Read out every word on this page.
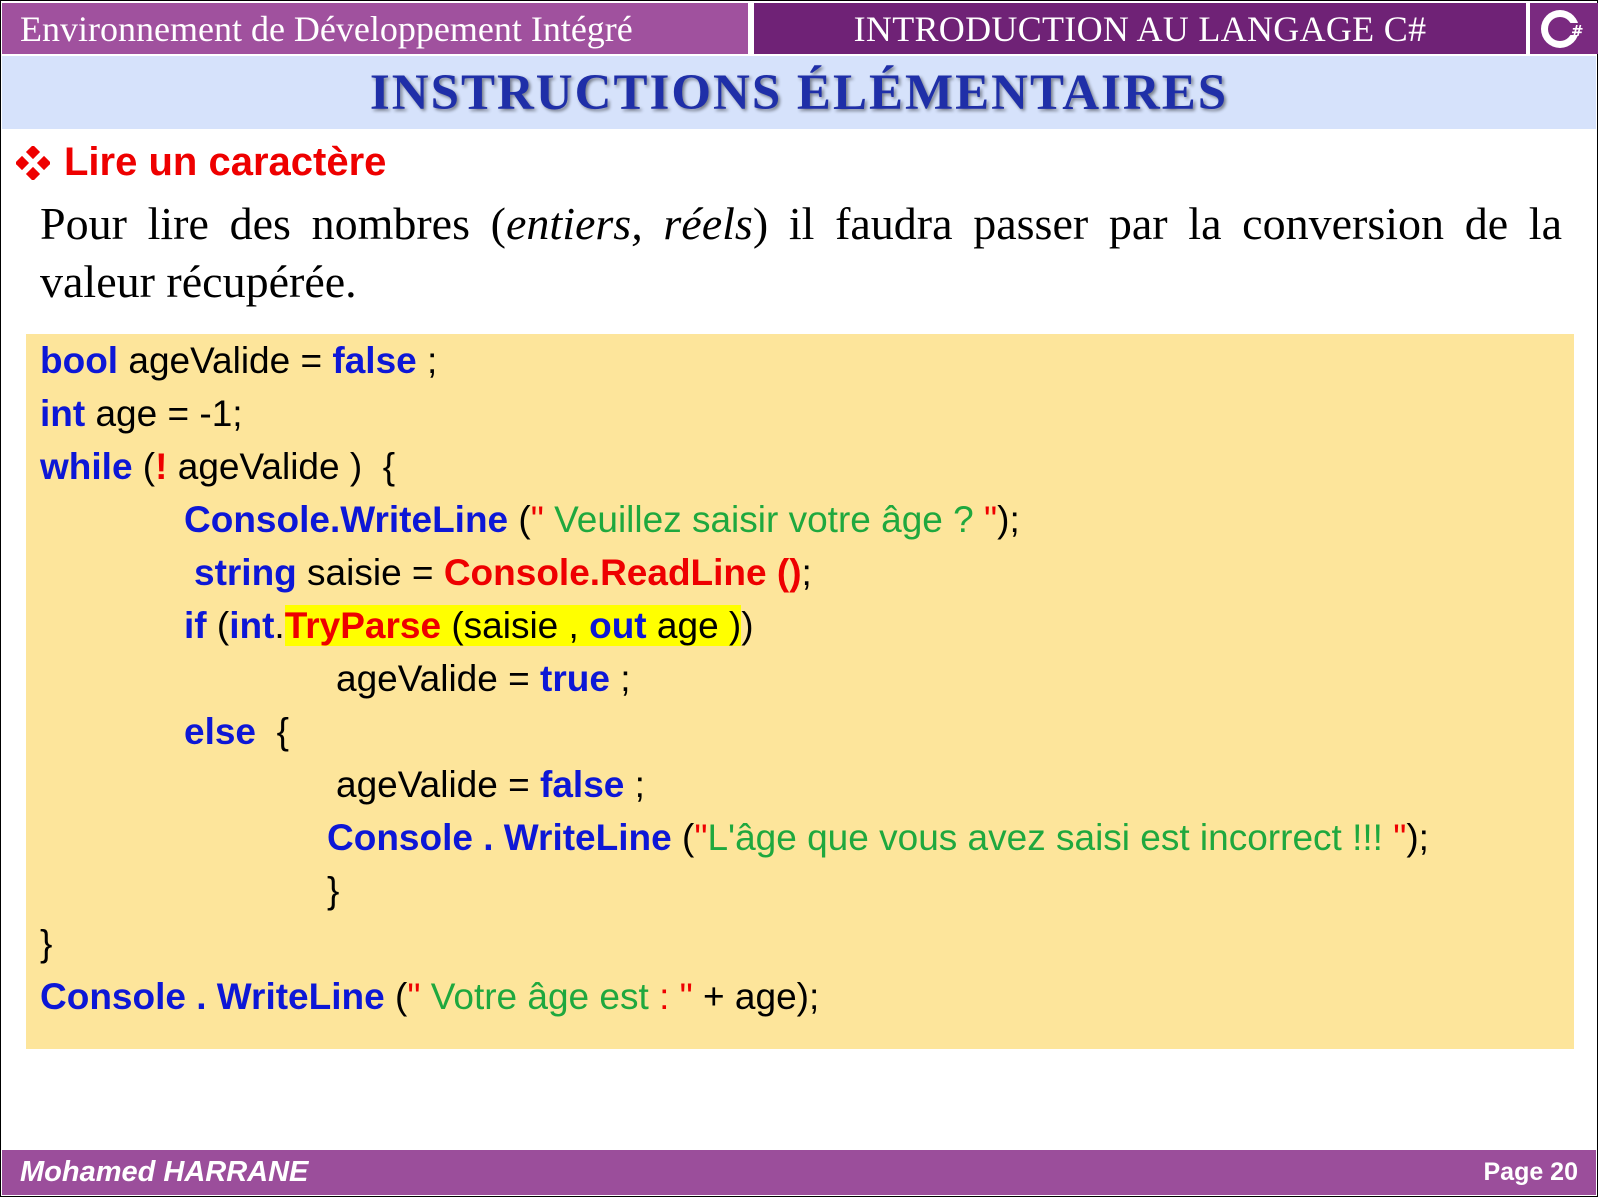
Environnement de Développement Intégré	INTRODUCTION AU LANGAGE C#	#
INSTRUCTIONS ÉLÉMENTAIRES
Lire un caractère
Pour lire des nombres (entiers, réels) il faudra passer par la conversion de la valeur récupérée.
bool ageValide = false ;
int age = -1;
while (! ageValide )  {
Console.WriteLine (" Veuillez saisir votre âge ? ");
string saisie = Console.ReadLine ();
if (int.TryParse (saisie , out age ))
ageValide = true ;
else  {
ageValide = false ;
Console . WriteLine ("L'âge que vous avez saisi est incorrect !!! ");
}
}
Console . WriteLine (" Votre âge est : " + age);
Mohamed HARRANE	Page 20
